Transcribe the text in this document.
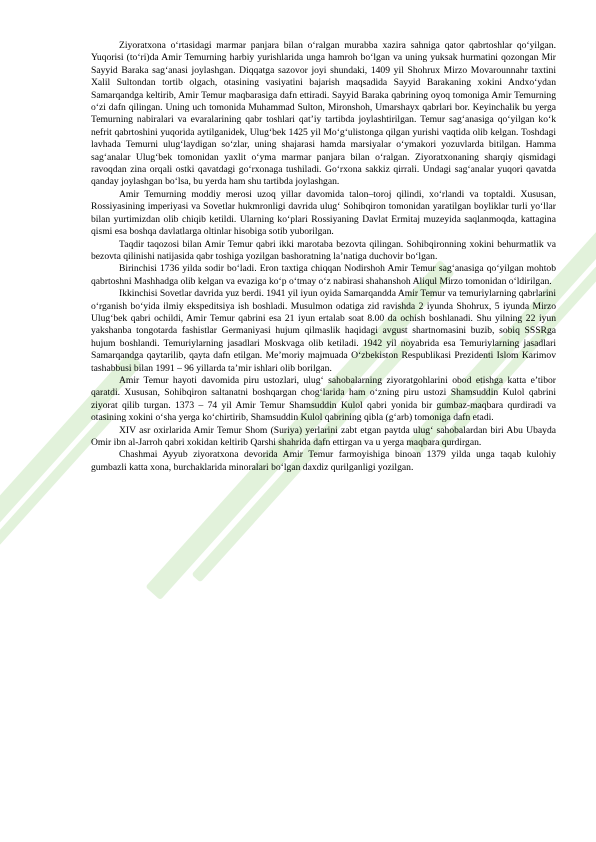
Ziyoratxona o‘rtasidagi marmar panjara bilan o‘ralgan murabba xazira sahniga qator qabrtoshlar qo‘yilgan. Yuqorisi (to‘ri)da Amir Temurning harbiy yurishlarida unga hamroh bo‘lgan va uning yuksak hurmatini qozongan Mir Sayyid Baraka sag‘anasi joylashgan. Diqqatga sazovor joyi shundaki, 1409 yil Shohrux Mirzo Movarounnahr taxtini Xalil Sultondan tortib olgach, otasining vasiyatini bajarish maqsadida Sayyid Barakaning xokini Andxo‘ydan Samarqandga keltirib, Amir Temur maqbarasiga dafn ettiradi. Sayyid Baraka qabrining oyoq tomoniga Amir Temurning o‘zi dafn qilingan. Uning uch tomonida Muhammad Sulton, Mironshoh, Umarshayx qabrlari bor. Keyinchalik bu yerga Temurning nabiralari va evaralarining qabr toshlari qat’iy tartibda joylashtirilgan. Temur sag‘anasiga qo‘yilgan ko‘k nefrit qabrtoshini yuqorida aytilganidek, Ulug‘bek 1425 yil Mo‘g‘ulistonga qilgan yurishi vaqtida olib kelgan. Toshdagi lavhada Temurni ulug‘laydigan so‘zlar, uning shajarasi hamda marsiyalar o‘ymakori yozuvlarda bitilgan. Hamma sag‘analar Ulug‘bek tomonidan yaxlit o‘yma marmar panjara bilan o‘ralgan. Ziyoratxonaning sharqiy qismidagi ravoqdan zina orqali ostki qavatdagi go‘rxonaga tushiladi. Go‘rxona sakkiz qirrali. Undagi sag‘analar yuqori qavatda qanday joylashgan bo‘lsa, bu yerda ham shu tartibda joylashgan.

Amir Temurning moddiy merosi uzoq yillar davomida talon–toroj qilindi, xo‘rlandi va toptaldi. Xususan, Rossiyasining imperiyasi va Sovetlar hukmronligi davrida ulug‘ Sohibqiron tomonidan yaratilgan boyliklar turli yo‘llar bilan yurtimizdan olib chiqib ketildi. Ularning ko‘plari Rossiyaning Davlat Ermitaj muzeyida saqlanmoqda, kattagina qismi esa boshqa davlatlarga oltinlar hisobiga sotib yuborilgan.

Taqdir taqozosi bilan Amir Temur qabri ikki marotaba bezovta qilingan. Sohibqironning xokini behurmatlik va bezovta qilinishi natijasida qabr toshiga yozilgan bashoratning la’natiga duchovir bo‘lgan.

Birinchisi 1736 yilda sodir bo‘ladi. Eron taxtiga chiqqan Nodirshoh Amir Temur sag‘anasiga qo‘yilgan mohtob qabrtoshni Mashhadga olib kelgan va evaziga ko‘p o‘tmay o‘z nabirasi shahanshoh Aliqul Mirzo tomonidan o‘ldirilgan.

Ikkinchisi Sovetlar davrida yuz berdi. 1941 yil iyun oyida Samarqandda Amir Temur va temuriylarning qabrlarini o‘rganish bo‘yida ilmiy ekspeditsiya ish boshladi. Musulmon odatiga zid ravishda 2 iyunda Shohrux, 5 iyunda Mirzo Ulug‘bek qabri ochildi, Amir Temur qabrini esa 21 iyun ertalab soat 8.00 da ochish boshlanadi. Shu yilning 22 iyun yakshanba tongotarda fashistlar Germaniyasi hujum qilmaslik haqidagi avgust shartnomasini buzib, sobiq SSSRga hujum boshlandi. Temuriylarning jasadlari Moskvaga olib ketiladi. 1942 yil noyabrida esa Temuriylarning jasadlari Samarqandga qaytarilib, qayta dafn etilgan. Me’moriy majmuada O‘zbekiston Respublikasi Prezidenti Islom Karimov tashabbusi bilan 1991 – 96 yillarda ta’mir ishlari olib borilgan.

Amir Temur hayoti davomida piru ustozlari, ulug‘ sahobalarning ziyoratgohlarini obod etishga katta e’tibor qaratdi. Xususan, Sohibqiron saltanatni boshqargan chog‘larida ham o‘zning piru ustozi Shamsuddin Kulol qabrini ziyorat qilib turgan. 1373 – 74 yil Amir Temur Shamsuddin Kulol qabri yonida bir gumbaz-maqbara qurdiradi va otasining xokini o‘sha yerga ko‘chirtirib, Shamsuddin Kulol qabrining qibla (g‘arb) tomoniga dafn etadi.

XIV asr oxirlarida Amir Temur Shom (Suriya) yerlarini zabt etgan paytda ulug‘ sahobalardan biri Abu Ubayda Omir ibn al-Jarroh qabri xokidan keltirib Qarshi shahrida dafn ettirgan va u yerga maqbara qurdirgan.

Chashmai Ayyub ziyoratxona devorida Amir Temur farmoyishiga binoan 1379 yilda unga taqab kulohiy gumbazli katta xona, burchaklarida minoralari bo‘lgan daxdiz qurilganligi yozilgan.
